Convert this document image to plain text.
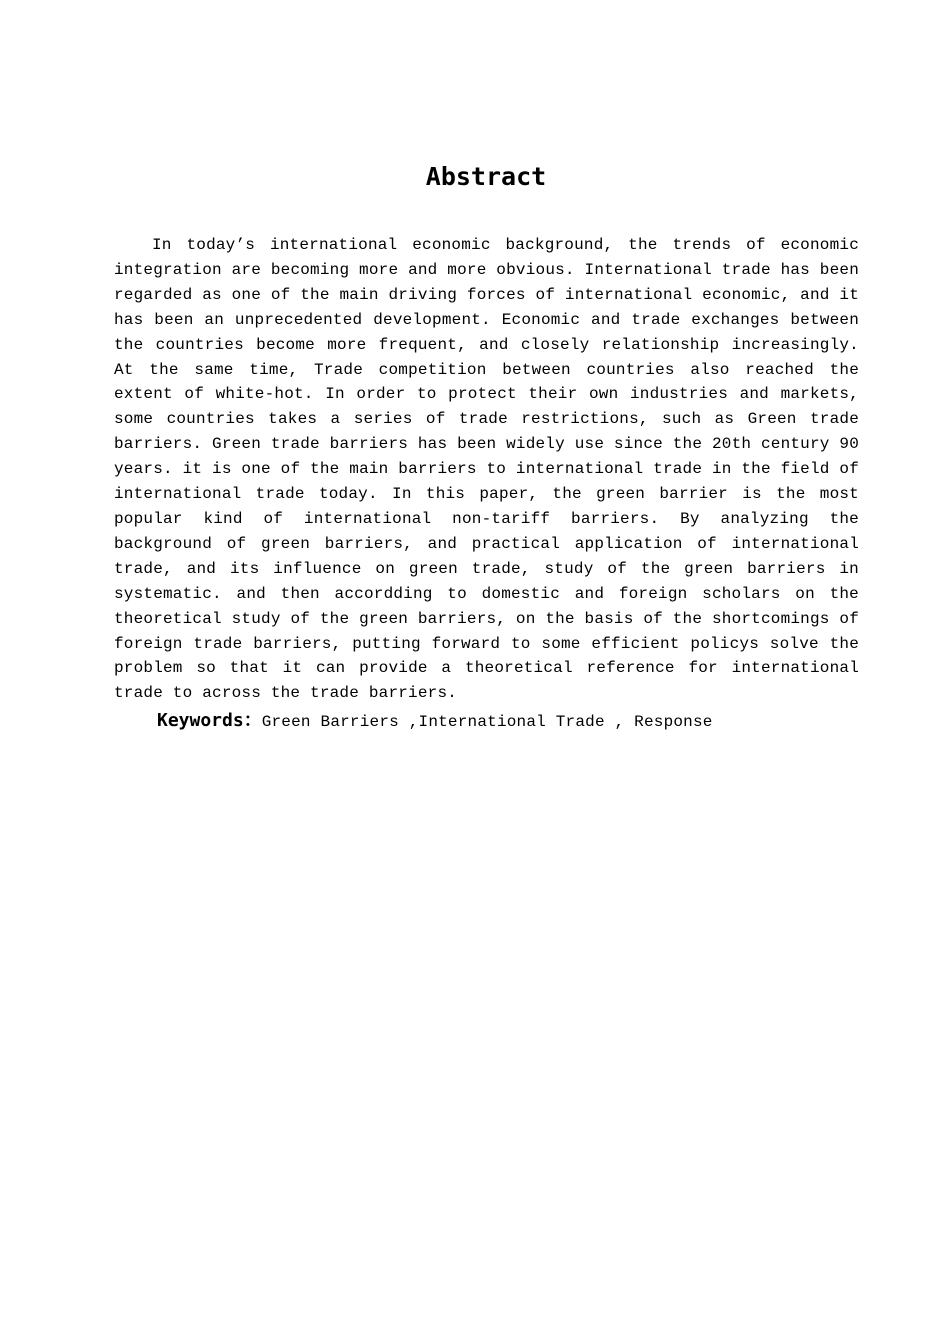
Abstract

In today’s international economic background, the trends of economic integration are becoming more and more obvious. International trade has been regarded as one of the main driving forces of international economic, and it has been an unprecedented development. Economic and trade exchanges between the countries become more frequent, and closely relationship increasingly. At the same time, Trade competition between countries also reached the extent of white-hot. In order to protect their own industries and markets, some countries takes a series of trade restrictions, such as Green trade barriers. Green trade barriers has been widely use since the 20th century 90 years. it is one of the main barriers to international trade in the field of international trade today. In this paper, the green barrier is the most popular kind of international non-tariff barriers. By analyzing the background of green barriers, and practical application of international trade, and its influence on green trade, study of the green barriers in systematic. and then accordding to domestic and foreign scholars on the theoretical study of the green barriers, on the basis of the shortcomings of foreign trade barriers, putting forward to some efficient policys solve the problem so that it can provide a theoretical reference for international trade to across the trade barriers.

Keywords：Green Barriers ,International Trade , Response
